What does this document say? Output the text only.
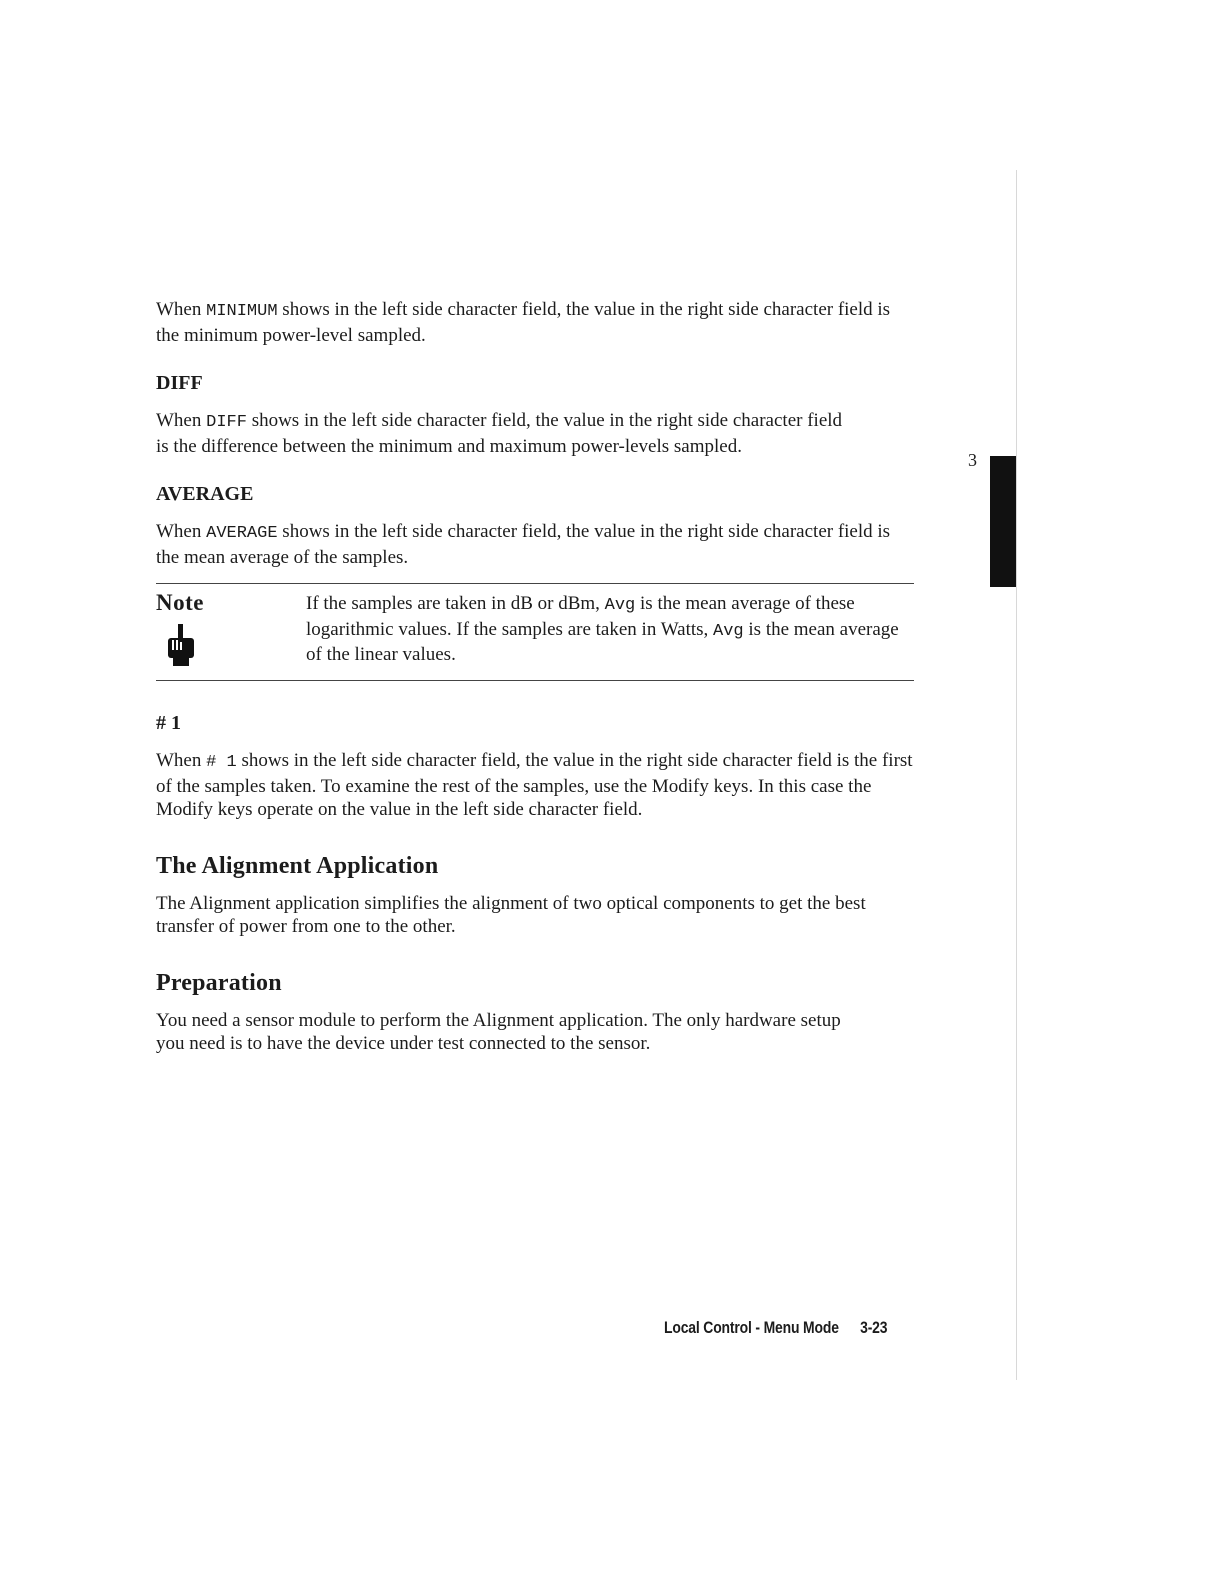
3

When MINIMUM shows in the left side character field, the value in the right side character field is the minimum power-level sampled.

DIFF

When DIFF shows in the left side character field, the value in the right side character field is the difference between the minimum and maximum power-levels sampled.

AVERAGE

When AVERAGE shows in the left side character field, the value in the right side character field is the mean average of the samples.

Note	If the samples are taken in dB or dBm, Avg is the mean average of these logarithmic values. If the samples are taken in Watts, Avg is the mean average of the linear values.
# 1

When # 1 shows in the left side character field, the value in the right side character field is the first of the samples taken. To examine the rest of the samples, use the Modify keys. In this case the Modify keys operate on the value in the left side character field.

The Alignment Application

The Alignment application simplifies the alignment of two optical components to get the best transfer of power from one to the other.

Preparation

You need a sensor module to perform the Alignment application. The only hardware setup you need is to have the device under test connected to the sensor.

Local Control - Menu Mode 3-23
